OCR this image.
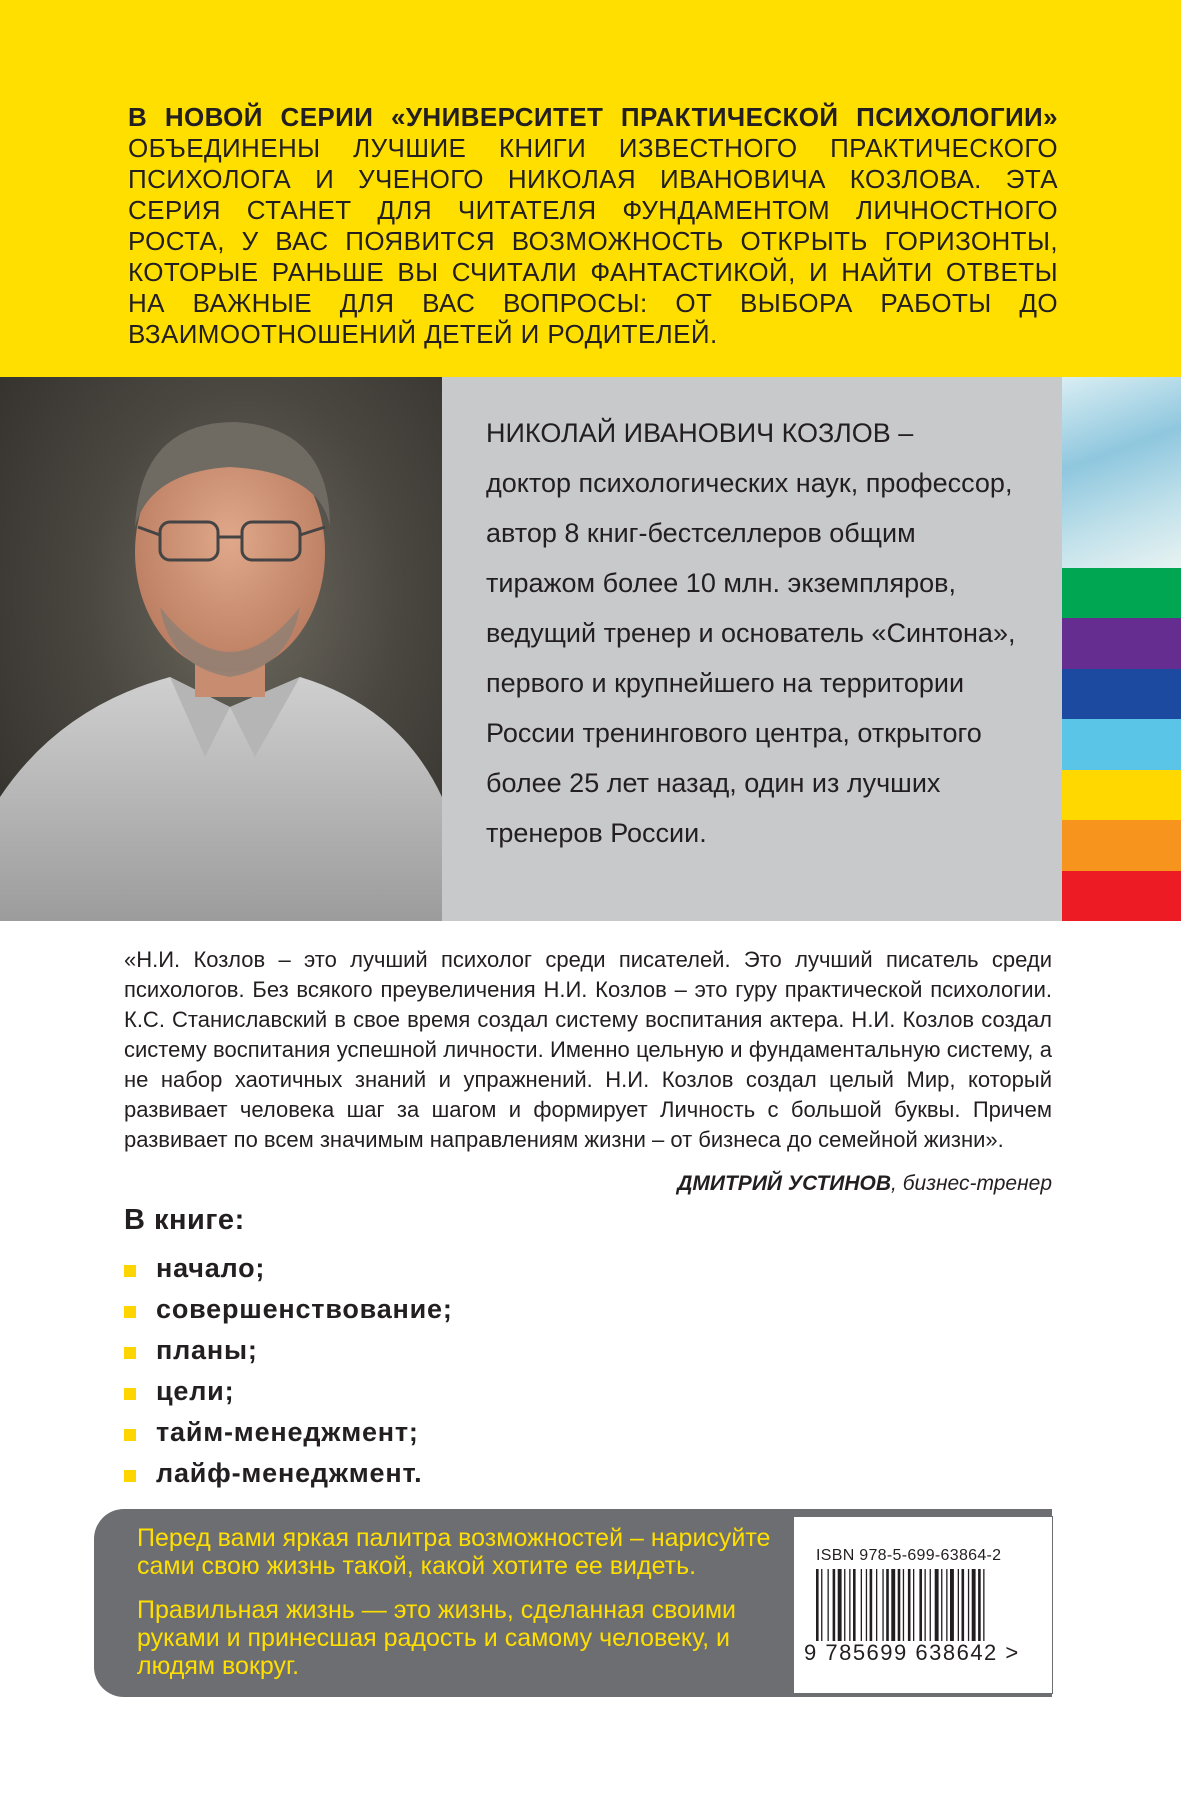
В НОВОЙ СЕРИИ «УНИВЕРСИТЕТ ПРАКТИЧЕСКОЙ ПСИХОЛОГИИ» ОБЪЕДИНЕНЫ ЛУЧШИЕ КНИГИ ИЗВЕСТНОГО ПРАКТИЧЕСКОГО ПСИХОЛОГА И УЧЕНОГО НИКОЛАЯ ИВАНОВИЧА КОЗЛОВА. ЭТА СЕРИЯ СТАНЕТ ДЛЯ ЧИТАТЕЛЯ ФУНДАМЕНТОМ ЛИЧНОСТНОГО РОСТА, У ВАС ПОЯВИТСЯ ВОЗМОЖНОСТЬ ОТКРЫТЬ ГОРИЗОНТЫ, КОТОРЫЕ РАНЬШЕ ВЫ СЧИТАЛИ ФАНТАСТИКОЙ, И НАЙТИ ОТВЕТЫ НА ВАЖНЫЕ ДЛЯ ВАС ВОПРОСЫ: ОТ ВЫБОРА РАБОТЫ ДО ВЗАИМООТНОШЕНИЙ ДЕТЕЙ И РОДИТЕЛЕЙ.
НИКОЛАЙ ИВАНОВИЧ КОЗЛОВ –
доктор психологических наук, профессор,
автор 8 книг-бестселлеров общим
тиражом более 10 млн. экземпляров,
ведущий тренер и основатель «Синтона»,
первого и крупнейшего на территории
России тренингового центра, открытого
более 25 лет назад, один из лучших
тренеров России.
«Н.И. Козлов – это лучший психолог среди писателей. Это лучший писатель среди психологов. Без всякого преувеличения Н.И. Козлов – это гуру практической психологии. К.С. Станиславский в свое время создал систему воспитания актера. Н.И. Козлов создал систему воспитания успешной личности. Именно цельную и фундаментальную систему, а не набор хаотичных знаний и упражнений. Н.И. Козлов создал целый Мир, который развивает человека шаг за шагом и формирует Личность с большой буквы. Причем развивает по всем значимым направлениям жизни – от бизнеса до семейной жизни».
ДМИТРИЙ УСТИНОВ, бизнес-тренер
В книге:
начало;
совершенствование;
планы;
цели;
тайм-менеджмент;
лайф-менеджмент.

Перед вами яркая палитра возможностей – нарисуйте сами свою жизнь такой, какой хотите ее видеть.

Правильная жизнь — это жизнь, сделанная своими руками и принесшая радость и самому человеку, и людям вокруг.

ISBN 978-5-699-63864-2
9 785699 638642 >
